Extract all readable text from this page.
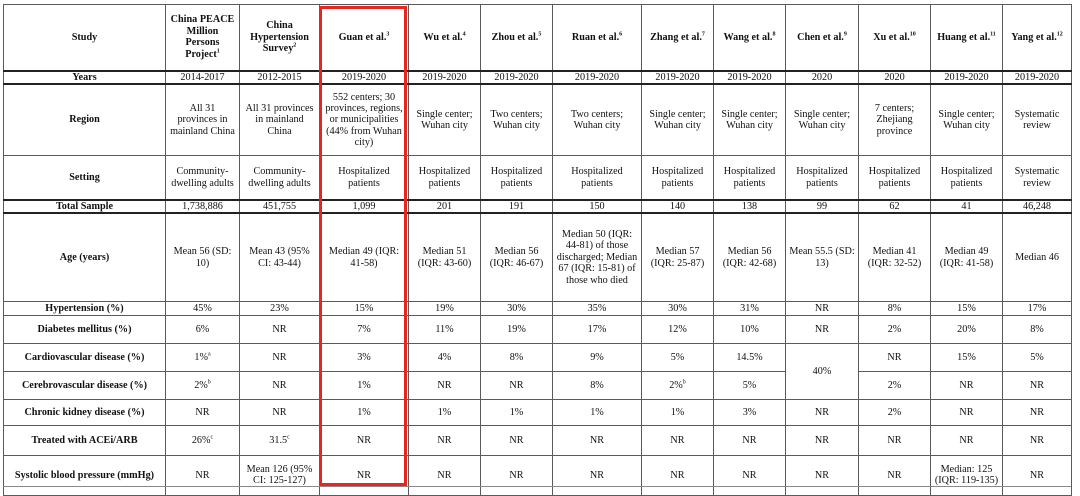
Study	China PEACE Million Persons Project$^1$	China Hypertension Survey$^2$	Guan et al.$^3$	Wu et al.$^4$	Zhou et al.$^5$	Ruan et al.$^6$	Zhang et al.$^7$	Wang et al.$^8$	Chen et al.$^9$	Xu et al.$^{10}$	Huang et al.$^{11}$	Yang et al.$^{12}$
Years	2014-2017	2012-2015	2019-2020	2019-2020	2019-2020	2019-2020	2019-2020	2019-2020	2020	2020	2019-2020	2019-2020
Region	All 31 provinces in mainland China	All 31 provinces in mainland China	552 centers; 30 provinces, regions, or municipalities (44% from Wuhan city)	Single center; Wuhan city	Two centers; Wuhan city	Two centers; Wuhan city	Single center; Wuhan city	Single center; Wuhan city	Single center; Wuhan city	7 centers; Zhejiang province	Single center; Wuhan city	Systematic review
Setting	Community-dwelling adults	Community-dwelling adults	Hospitalized patients	Hospitalized patients	Hospitalized patients	Hospitalized patients	Hospitalized patients	Hospitalized patients	Hospitalized patients	Hospitalized patients	Hospitalized patients	Systematic review
Total Sample	1,738,886	451,755	1,099	201	191	150	140	138	99	62	41	46,248
Age (years)	Mean 56 (SD: 10)	Mean 43 (95% CI: 43-44)	Median 49 (IQR: 41-58)	Median 51 (IQR: 43-60)	Median 56 (IQR: 46-67)	Median 50 (IQR: 44-81) of those discharged; Median 67 (IQR: 15-81) of those who died	Median 57 (IQR: 25-87)	Median 56 (IQR: 42-68)	Mean 55.5 (SD: 13)	Median 41 (IQR: 32-52)	Median 49 (IQR: 41-58)	Median 46
Hypertension (%)	45%	23%	15%	19%	30%	35%	30%	31%	NR	8%	15%	17%
Diabetes mellitus (%)	6%	NR	7%	11%	19%	17%	12%	10%	NR	2%	20%	8%
Cardiovascular disease (%)	1%$^a$	NR	3%	4%	8%	9%	5%	14.5%	40%	NR	15%	5%
Cerebrovascular disease (%)	2%$^b$	NR	1%	NR	NR	8%	2%$^b$	5%		2%	NR	NR
Chronic kidney disease (%)	NR	NR	1%	1%	1%	1%	1%	3%	NR	2%	NR	NR
Treated with ACEi/ARB	26%$^c$	31.5$^c$	NR	NR	NR	NR	NR	NR	NR	NR	NR	NR
Systolic blood pressure (mmHg)	NR	Mean 126 (95% CI: 125-127)	NR	NR	NR	NR	NR	NR	NR	NR	Median: 125 (IQR: 119-135)	NR
